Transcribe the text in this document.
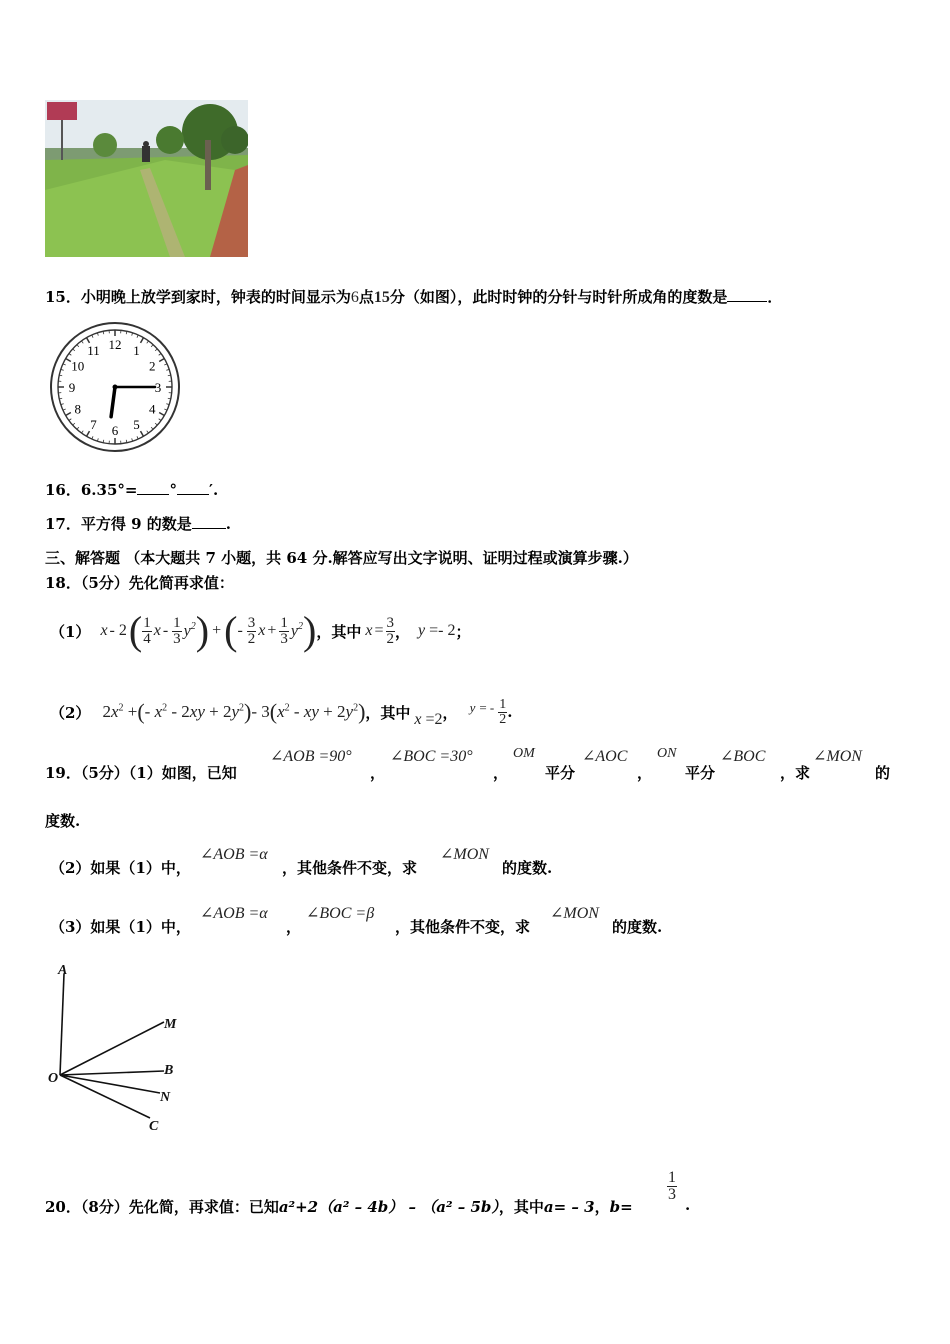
15．小明晚上放学到家时，钟表的时间显示为6点15分（如图），此时时钟的分针与时针所成角的度数是	．
12 1
2
3
4
5
6
7
8
9
10
11
16．6.35°= ° ′.
17．平方得 9 的数是 .
三、解答题 （本大题共 7 小题，共 64 分.解答应写出文字说明、证明过程或演算步骤.）
18．（5分）先化简再求值：
（1） x - 2 ( $\frac{1}{4}$ x - $\frac{1}{3} y^2$ ) + ( - $\frac{3}{2}$ $x + \frac{1}{3} y^2$ ) ，其中 $x = \frac{3}{2}$ ， y =- 2 ；
（2） $2x^2$ + ( - $x^2 - 2xy + 2y^2$ ) - 3 ( $x^2$ - xy + $2y^2$ ) ，其中 x =2 ， y = - $\frac{1}{2}$ .
19．（5分）（1）如图，已知
∠AOB =90°
，
∠BOC =30°
，
OM
平分
∠AOC
，
ON
平分
∠BOC
，求
∠MON
的
度数.
（2）如果（1）中，
∠AOB =α
，其他条件不变，求
∠MON
的度数.
（3）如果（1）中，
∠AOB =α
，
∠BOC =β
，其他条件不变，求
∠MON
的度数.
A
M
B
N
C
O
20．（8分）先化简，再求值：已知a²+2（a² – 4b） – （a² – 5b），其中a= – 3，b=
$\frac{1}{3}$
.
